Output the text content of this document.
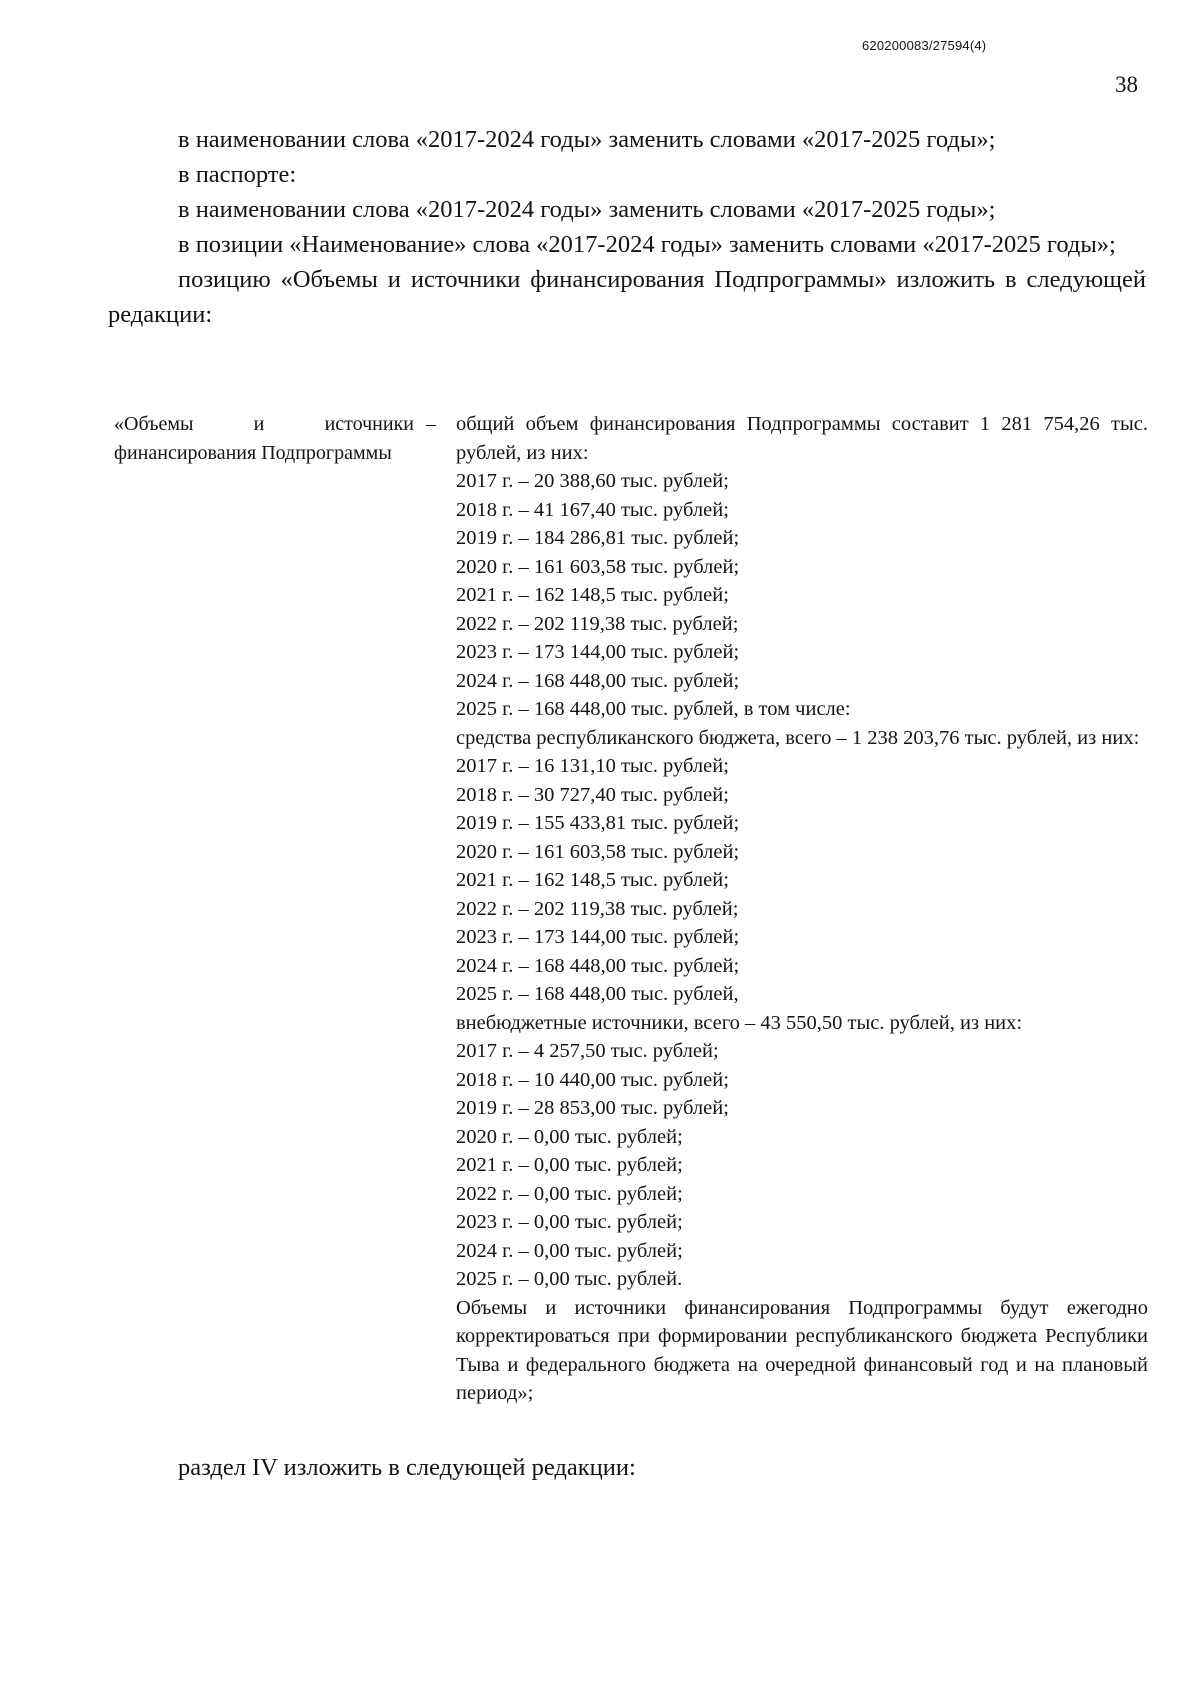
620200083/27594(4)
38

в наименовании слова «2017-2024 годы» заменить словами «2017-2025 годы»;

в паспорте:

в наименовании слова «2017-2024 годы» заменить словами «2017-2025 годы»;

в позиции «Наименование» слова «2017-2024 годы» заменить словами «2017-2025 годы»;

позицию «Объемы и источники финансирования Подпрограммы» изложить в следующей редакции:

«Объемы и источники финансирования Подпрограммы
– общий объем финансирования Подпрограммы составит 1 281 754,26 тыс. рублей, из них:
2017 г. – 20 388,60 тыс. рублей;
2018 г. – 41 167,40 тыс. рублей;
2019 г. – 184 286,81 тыс. рублей;
2020 г. – 161 603,58 тыс. рублей;
2021 г. – 162 148,5 тыс. рублей;
2022 г. – 202 119,38 тыс. рублей;
2023 г. – 173 144,00 тыс. рублей;
2024 г. – 168 448,00 тыс. рублей;
2025 г. – 168 448,00 тыс. рублей, в том числе:
средства республиканского бюджета, всего – 1 238 203,76 тыс. рублей, из них:
2017 г. – 16 131,10 тыс. рублей;
2018 г. – 30 727,40 тыс. рублей;
2019 г. – 155 433,81 тыс. рублей;
2020 г. – 161 603,58 тыс. рублей;
2021 г. – 162 148,5 тыс. рублей;
2022 г. – 202 119,38 тыс. рублей;
2023 г. – 173 144,00 тыс. рублей;
2024 г. – 168 448,00 тыс. рублей;
2025 г. – 168 448,00 тыс. рублей,
внебюджетные источники, всего – 43 550,50 тыс. рублей, из них:
2017 г. – 4 257,50 тыс. рублей;
2018 г. – 10 440,00 тыс. рублей;
2019 г. – 28 853,00 тыс. рублей;
2020 г. – 0,00 тыс. рублей;
2021 г. – 0,00 тыс. рублей;
2022 г. – 0,00 тыс. рублей;
2023 г. – 0,00 тыс. рублей;
2024 г. – 0,00 тыс. рублей;
2025 г. – 0,00 тыс. рублей.
Объемы и источники финансирования Подпрограммы будут ежегодно корректироваться при формировании республиканского бюджета Республики Тыва и федерального бюджета на очередной финансовый год и на плановый период»;
раздел IV изложить в следующей редакции:
